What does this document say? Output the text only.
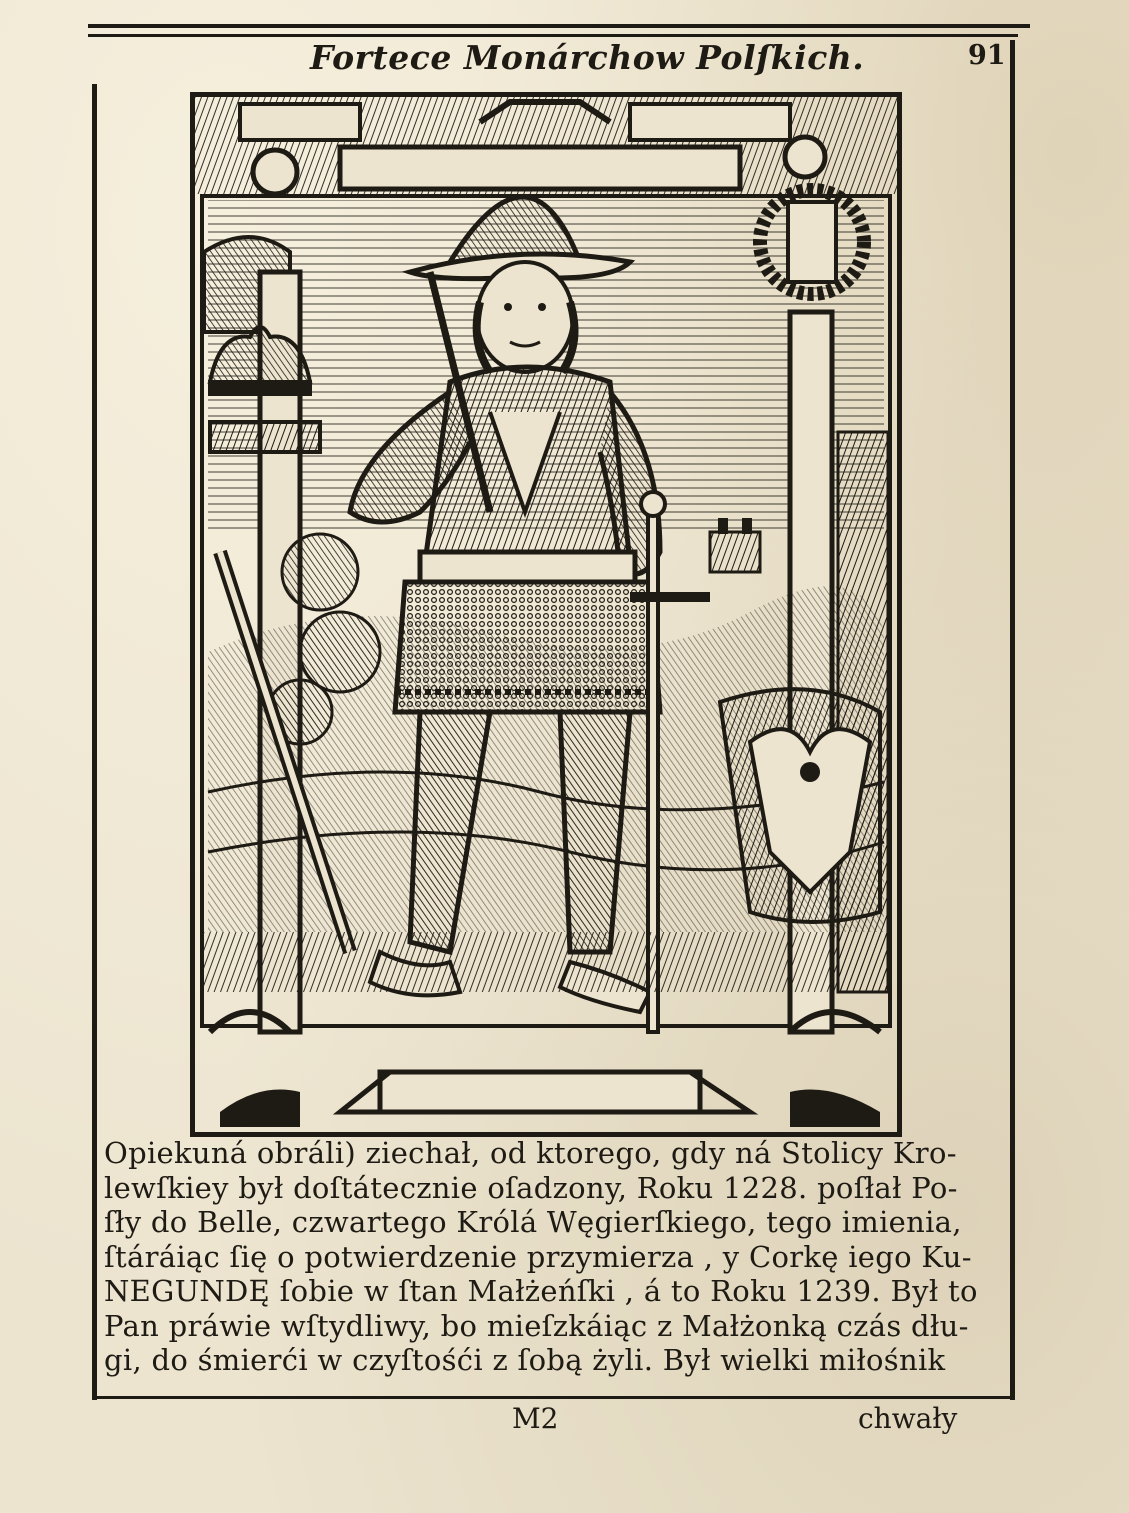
Fortece Monárchow Polſkich.	91
Opiekuná obráli) ziechał, od ktorego, gdy ná Stolicy Kro-
lewſkiey był doſtátecznie oſadzony, Roku 1228. poſłał Po-
ſły do Belle, czwartego Królá Węgierſkiego, tego imienia,
ſtáráiąc ſię o potwierdzenie przymierza , y Corkę iego Ku-
NEGUNDĘ ſobie w ſtan Małżeńſki , á to Roku 1239. Był to
Pan práwie wſtydliwy, bo mieſzkáiąc z Małżonką czás dłu-
gi, do śmierći w czyſtośći z ſobą żyli. Był wielki miłośnik
M2	chwały
